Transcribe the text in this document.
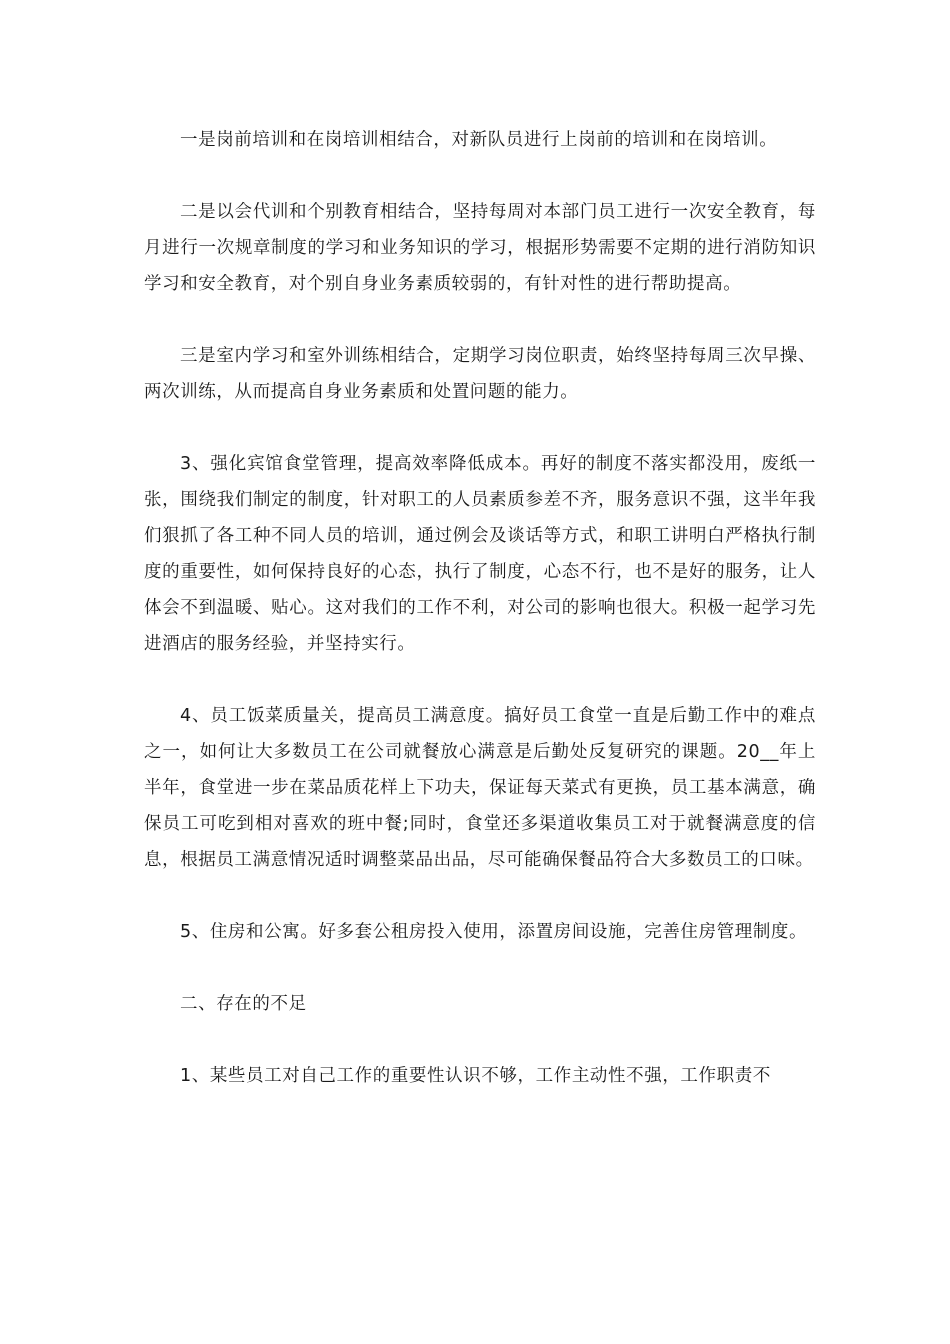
一是岗前培训和在岗培训相结合，对新队员进行上岗前的培训和在岗培训。

二是以会代训和个别教育相结合，坚持每周对本部门员工进行一次安全教育，每月进行一次规章制度的学习和业务知识的学习，根据形势需要不定期的进行消防知识学习和安全教育，对个别自身业务素质较弱的，有针对性的进行帮助提高。

三是室内学习和室外训练相结合，定期学习岗位职责，始终坚持每周三次早操、两次训练，从而提高自身业务素质和处置问题的能力。

3、强化宾馆食堂管理，提高效率降低成本。再好的制度不落实都没用，废纸一张，围绕我们制定的制度，针对职工的人员素质参差不齐，服务意识不强，这半年我们狠抓了各工种不同人员的培训，通过例会及谈话等方式，和职工讲明白严格执行制度的重要性，如何保持良好的心态，执行了制度，心态不行，也不是好的服务，让人体会不到温暖、贴心。这对我们的工作不利，对公司的影响也很大。积极一起学习先进酒店的服务经验，并坚持实行。

4、员工饭菜质量关，提高员工满意度。搞好员工食堂一直是后勤工作中的难点之一，如何让大多数员工在公司就餐放心满意是后勤处反复研究的课题。20__年上半年，食堂进一步在菜品质花样上下功夫，保证每天菜式有更换，员工基本满意，确保员工可吃到相对喜欢的班中餐;同时，食堂还多渠道收集员工对于就餐满意度的信息，根据员工满意情况适时调整菜品出品，尽可能确保餐品符合大多数员工的口味。

5、住房和公寓。好多套公租房投入使用，添置房间设施，完善住房管理制度。

二、存在的不足

1、某些员工对自己工作的重要性认识不够，工作主动性不强，工作职责不
